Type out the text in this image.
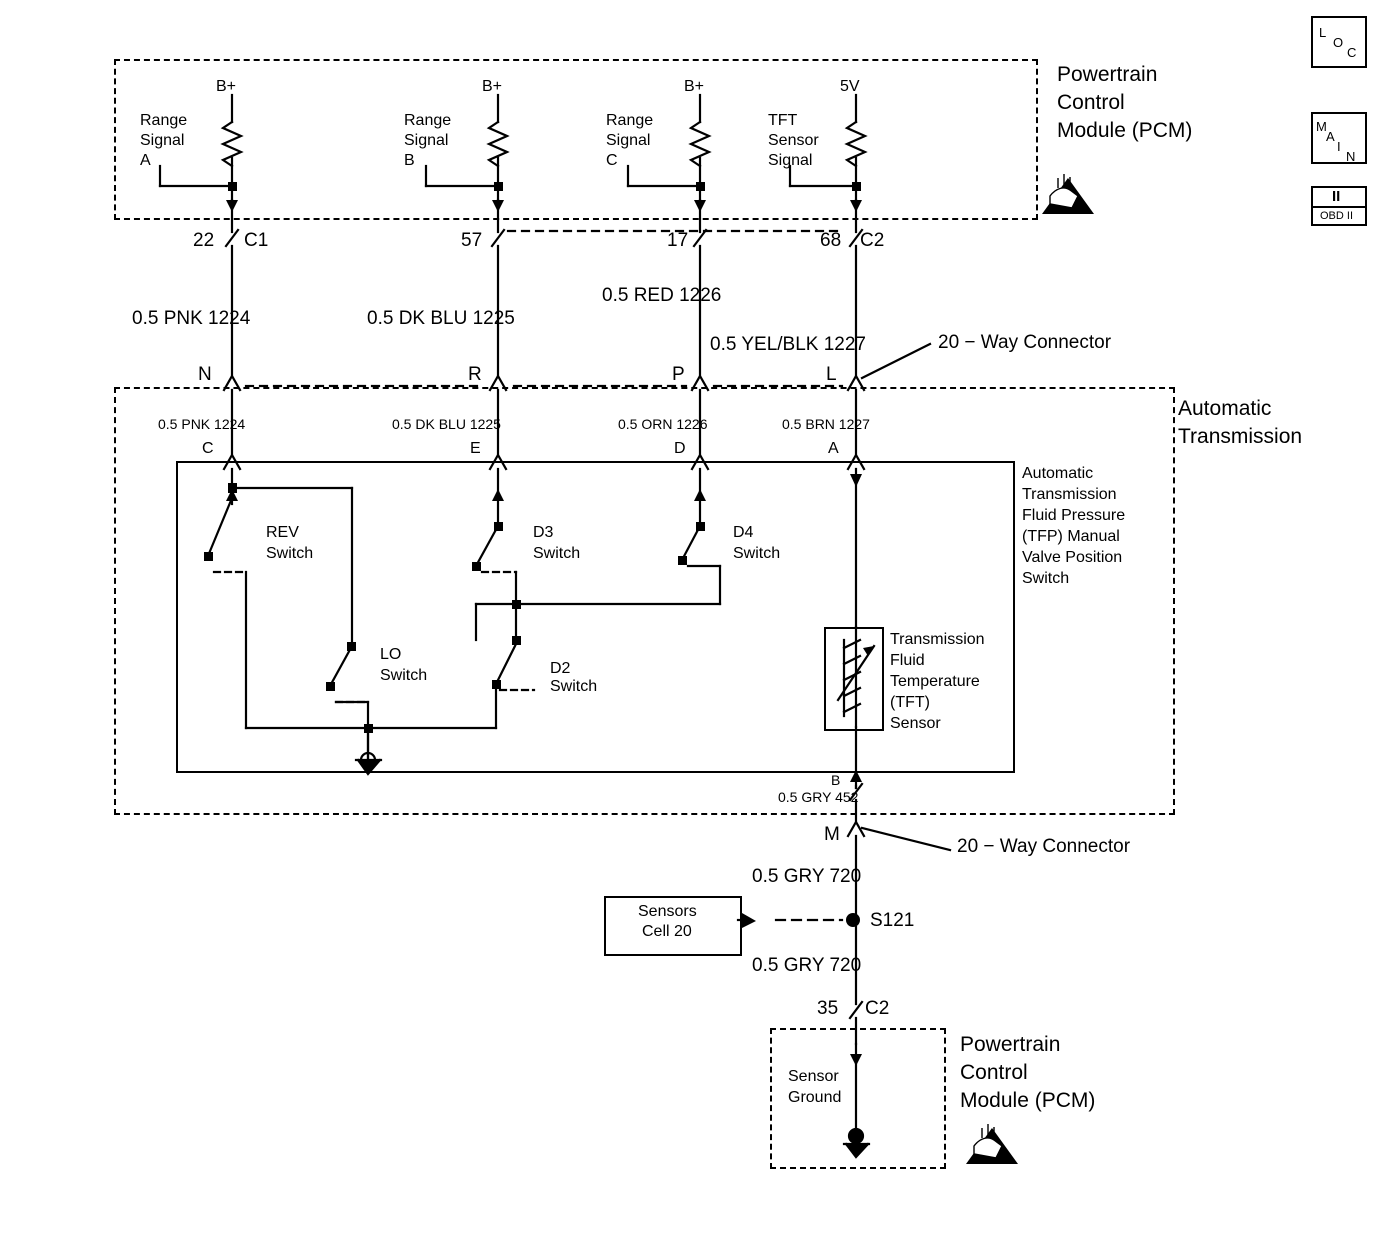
L
O
C
M
A
I
N
II
OBD II
Powertrain
Control
Module (PCM)
B+
Range
Signal
A
B+
Range
Signal
B
B+
Range
Signal
C
5V
TFT
Sensor
Signal
22 C1	57	17	68 C2
0.5 PNK 1224	0.5 DK BLU 1225
0.5 RED 1226
0.5 YEL/BLK 1227	20 − Way Connector
N	R	P	L
Automatic
Transmission
0.5 PNK 1224	0.5 DK BLU 1225	0.5 ORN 1226	0.5 BRN 1227
C	E	D	A
Automatic
Transmission
Fluid Pressure
(TFP) Manual
Valve Position
Switch
REV
Switch
D3
Switch
D4
Switch
LO
Switch	D2
Switch
Transmission
Fluid
Temperature
(TFT)
Sensor
B
0.5 GRY 452
M
20 − Way Connector
0.5 GRY 720
0.5 GRY 720
Sensors
Cell 20
S121
35 C2
Sensor
Ground
Powertrain
Control
Module (PCM)
